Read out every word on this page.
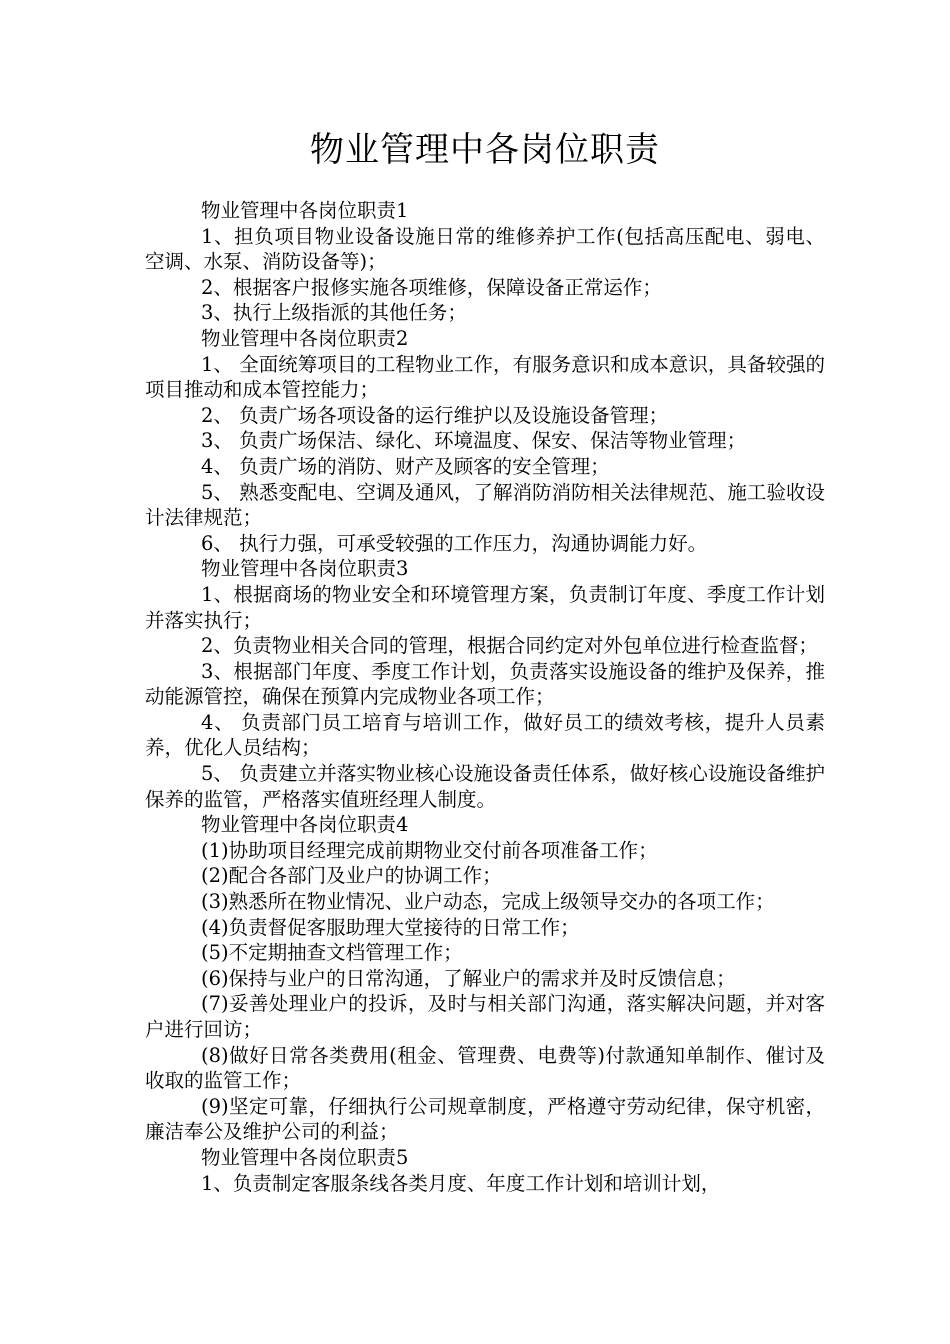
物业管理中各岗位职责

物业管理中各岗位职责1

1、担负项目物业设备设施日常的维修养护工作(包括高压配电、弱电、空调、水泵、消防设备等)；

2、根据客户报修实施各项维修，保障设备正常运作；

3、执行上级指派的其他任务；

物业管理中各岗位职责2

1、 全面统筹项目的工程物业工作，有服务意识和成本意识，具备较强的项目推动和成本管控能力；

2、 负责广场各项设备的运行维护以及设施设备管理；

3、 负责广场保洁、绿化、环境温度、保安、保洁等物业管理；

4、 负责广场的消防、财产及顾客的安全管理；

5、 熟悉变配电、空调及通风，了解消防消防相关法律规范、施工验收设计法律规范；

6、 执行力强，可承受较强的工作压力，沟通协调能力好。

物业管理中各岗位职责3

1、根据商场的物业安全和环境管理方案，负责制订年度、季度工作计划并落实执行；

2、负责物业相关合同的管理，根据合同约定对外包单位进行检查监督；

3、根据部门年度、季度工作计划，负责落实设施设备的维护及保养，推动能源管控，确保在预算内完成物业各项工作；

4、 负责部门员工培育与培训工作，做好员工的绩效考核，提升人员素养，优化人员结构；

5、 负责建立并落实物业核心设施设备责任体系，做好核心设施设备维护保养的监管，严格落实值班经理人制度。

物业管理中各岗位职责4

(1)协助项目经理完成前期物业交付前各项准备工作；

(2)配合各部门及业户的协调工作；

(3)熟悉所在物业情况、业户动态，完成上级领导交办的各项工作；

(4)负责督促客服助理大堂接待的日常工作；

(5)不定期抽查文档管理工作；

(6)保持与业户的日常沟通，了解业户的需求并及时反馈信息；

(7)妥善处理业户的投诉，及时与相关部门沟通，落实解决问题，并对客户进行回访；

(8)做好日常各类费用(租金、管理费、电费等)付款通知单制作、催讨及收取的监管工作；

(9)坚定可靠，仔细执行公司规章制度，严格遵守劳动纪律，保守机密，廉洁奉公及维护公司的利益；

物业管理中各岗位职责5

1、负责制定客服条线各类月度、年度工作计划和培训计划，
